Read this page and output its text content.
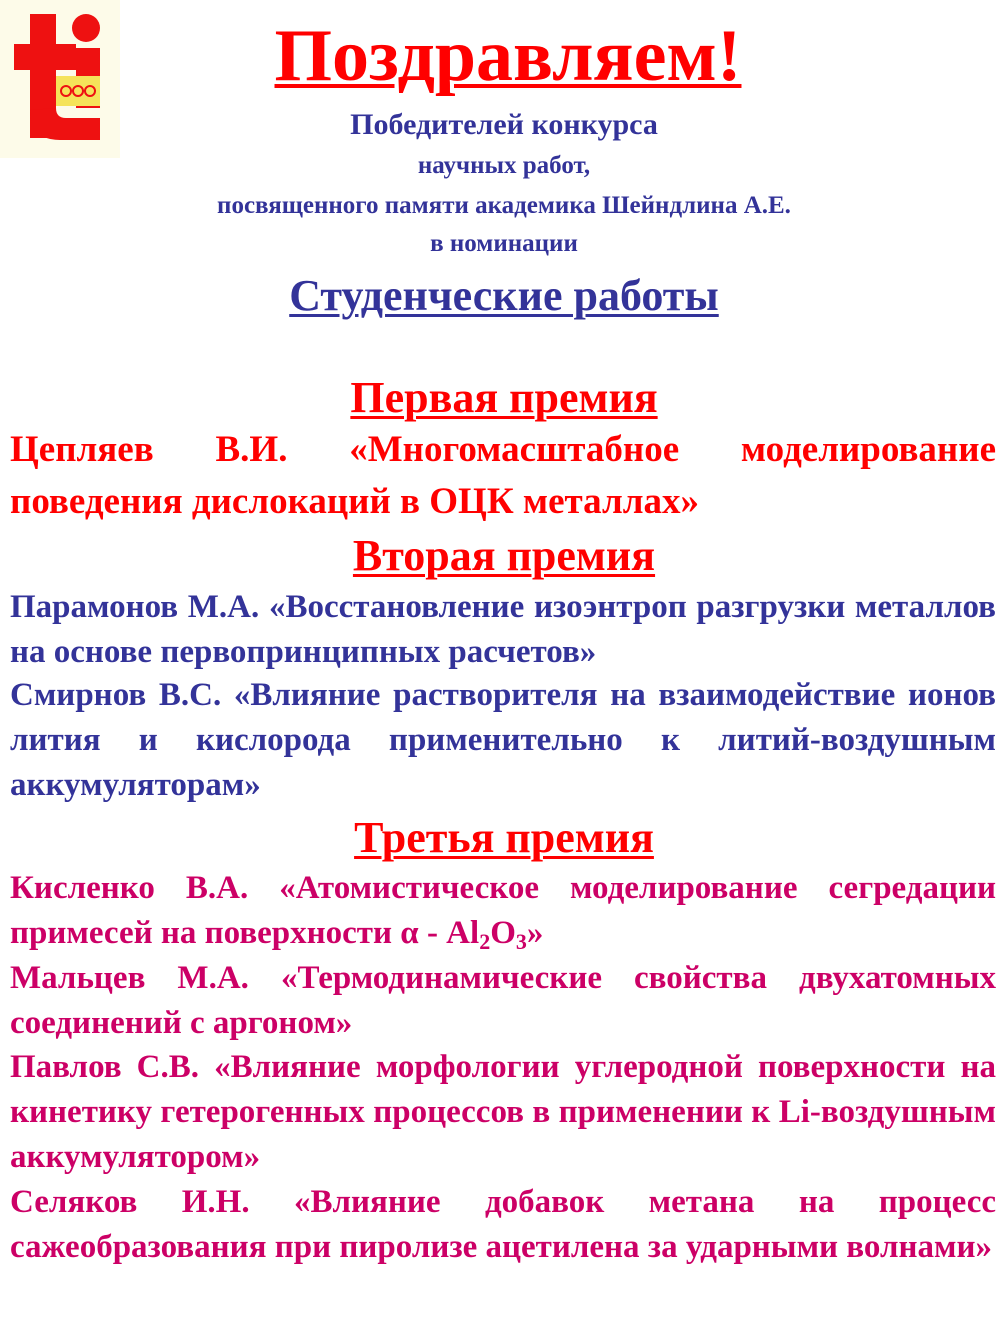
Поздравляем!
Победителей конкурса
научных работ,
посвященного памяти академика Шейндлина А.Е.
в номинации
Студенческие работы
Первая премия
Цепляев В.И. «Многомасштабное моделирование поведения дислокаций в ОЦК металлах»
Вторая премия
Парамонов М.А. «Восстановление изоэнтроп разгрузки металлов на основе первопринципных расчетов»
Смирнов В.С. «Влияние растворителя на взаимодействие ионов лития и кислорода применительно к литий-воздушным аккумуляторам»
Третья премия
Кисленко В.А. «Атомистическое моделирование сегредации примесей на поверхности α - $Al_2O_3$»
Мальцев М.А. «Термодинамические свойства двухатомных соединений с аргоном»
Павлов С.В. «Влияние морфологии углеродной поверхности на кинетику гетерогенных процессов в применении к Li-воздушным аккумулятором»
Селяков И.Н. «Влияние добавок метана на процесс сажеобразования при пиролизе ацетилена за ударными волнами»
